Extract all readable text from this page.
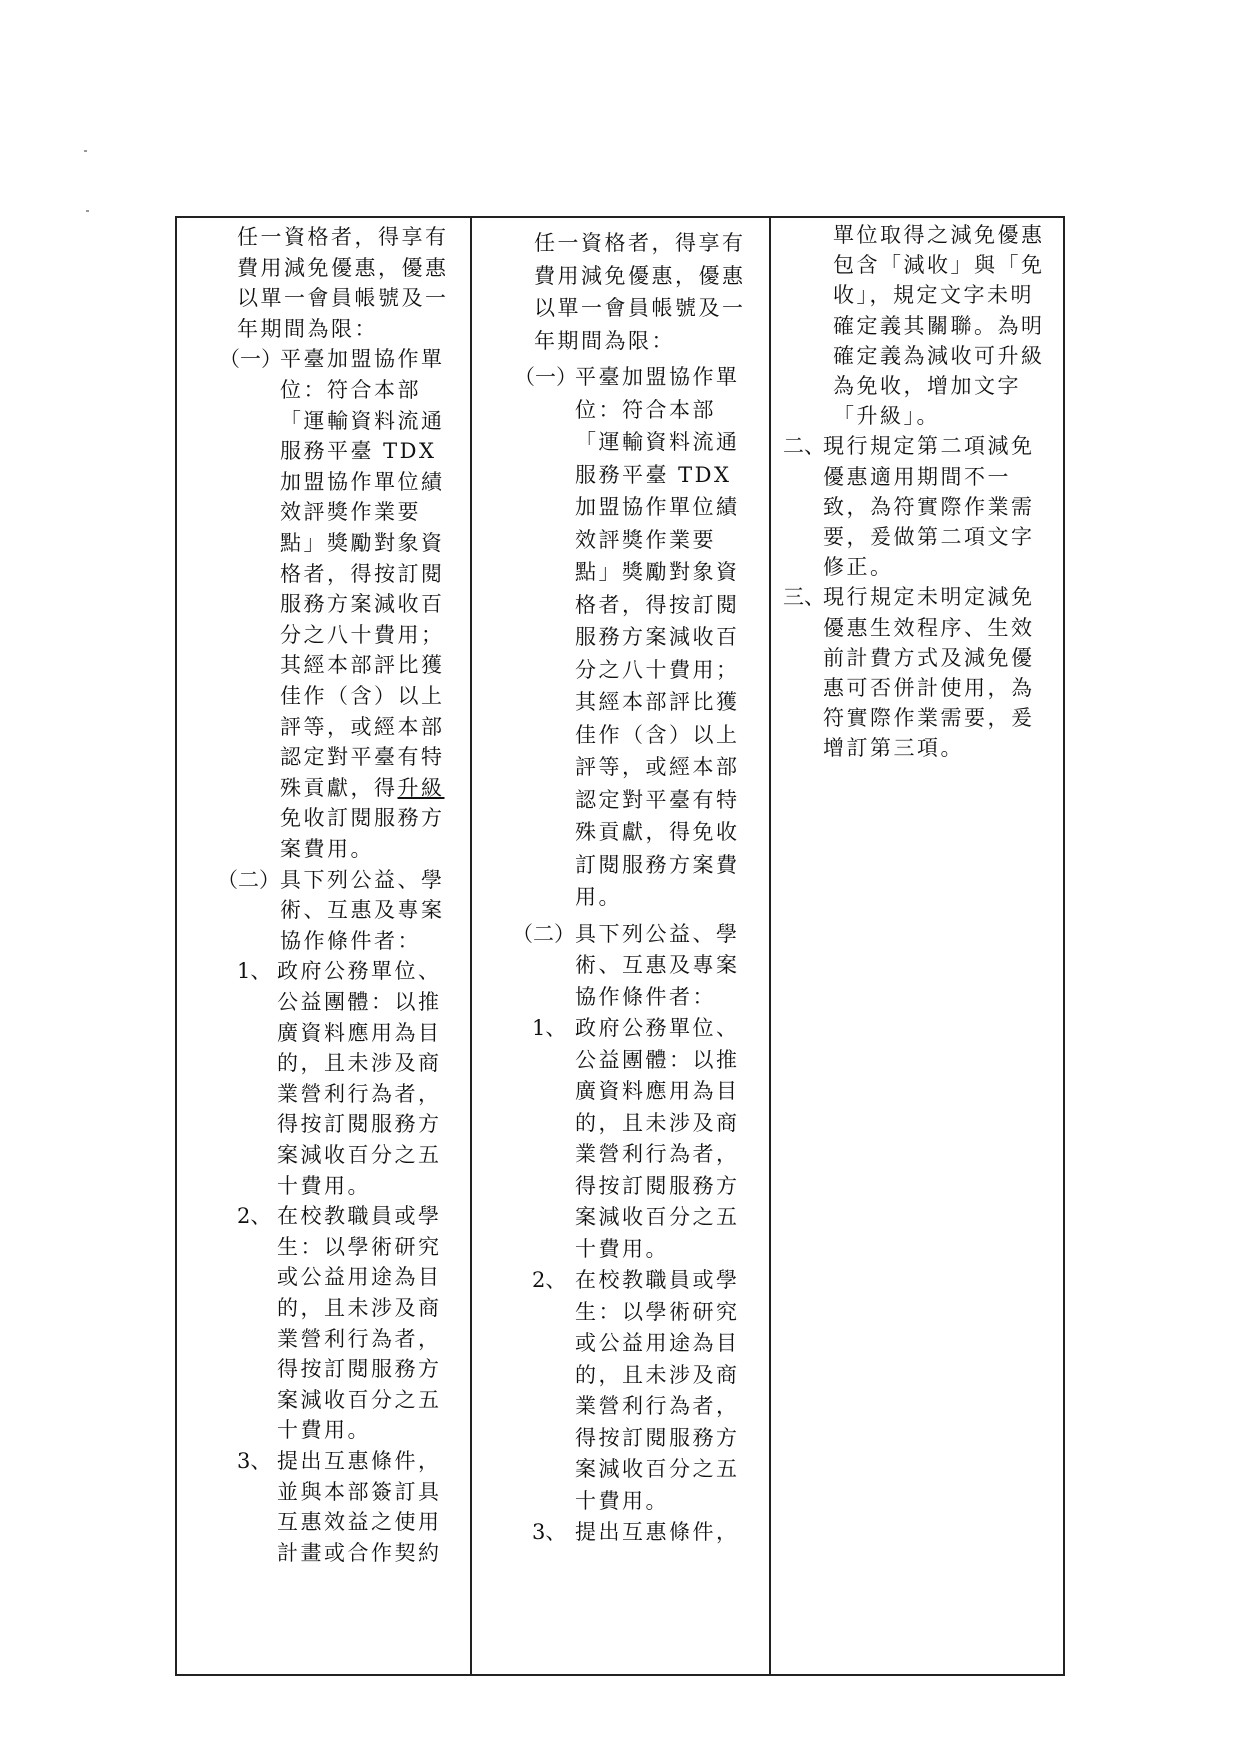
任一資格者，得享有
費用減免優惠，優惠
以單一會員帳號及一
年期間為限：
（一）
平臺加盟協作單
位：符合本部
「運輸資料流通
服務平臺 TDX
加盟協作單位績
效評獎作業要
點」獎勵對象資
格者，得按訂閱
服務方案減收百
分之八十費用；
其經本部評比獲
佳作（含）以上
評等，或經本部
認定對平臺有特
殊貢獻，得升級
免收訂閱服務方
案費用。
（二） 具下列公益、學
術、互惠及專案
協作條件者：
1、 政府公務單位、
公益團體：以推
廣資料應用為目
的，且未涉及商
業營利行為者，
得按訂閱服務方
案減收百分之五
十費用。
2、 在校教職員或學
生：以學術研究
或公益用途為目
的，且未涉及商
業營利行為者，
得按訂閱服務方
案減收百分之五
十費用。
3、 提出互惠條件，
並與本部簽訂具
互惠效益之使用
計畫或合作契約
任一資格者，得享有
費用減免優惠，優惠
以單一會員帳號及一
年期間為限：
（一）
平臺加盟協作單
位：符合本部
「運輸資料流通
服務平臺 TDX
加盟協作單位績
效評獎作業要
點」獎勵對象資
格者，得按訂閱
服務方案減收百
分之八十費用；
其經本部評比獲
佳作（含）以上
評等，或經本部
認定對平臺有特
殊貢獻，得免收
訂閱服務方案費
用。
（二） 具下列公益、學
術、互惠及專案
協作條件者：
1、 政府公務單位、
公益團體：以推
廣資料應用為目
的，且未涉及商
業營利行為者，
得按訂閱服務方
案減收百分之五
十費用。
2、 在校教職員或學
生：以學術研究
或公益用途為目
的，且未涉及商
業營利行為者，
得按訂閱服務方
案減收百分之五
十費用。
3、 提出互惠條件，
單位取得之減免優惠
包含「減收」與「免
收」，規定文字未明
確定義其關聯。為明
確定義為減收可升級
為免收，增加文字
「升級」。
二、
現行規定第二項減免
優惠適用期間不一
致，為符實際作業需
要，爰做第二項文字
修正。
三、
現行規定未明定減免
優惠生效程序、生效
前計費方式及減免優
惠可否併計使用，為
符實際作業需要，爰
增訂第三項。
